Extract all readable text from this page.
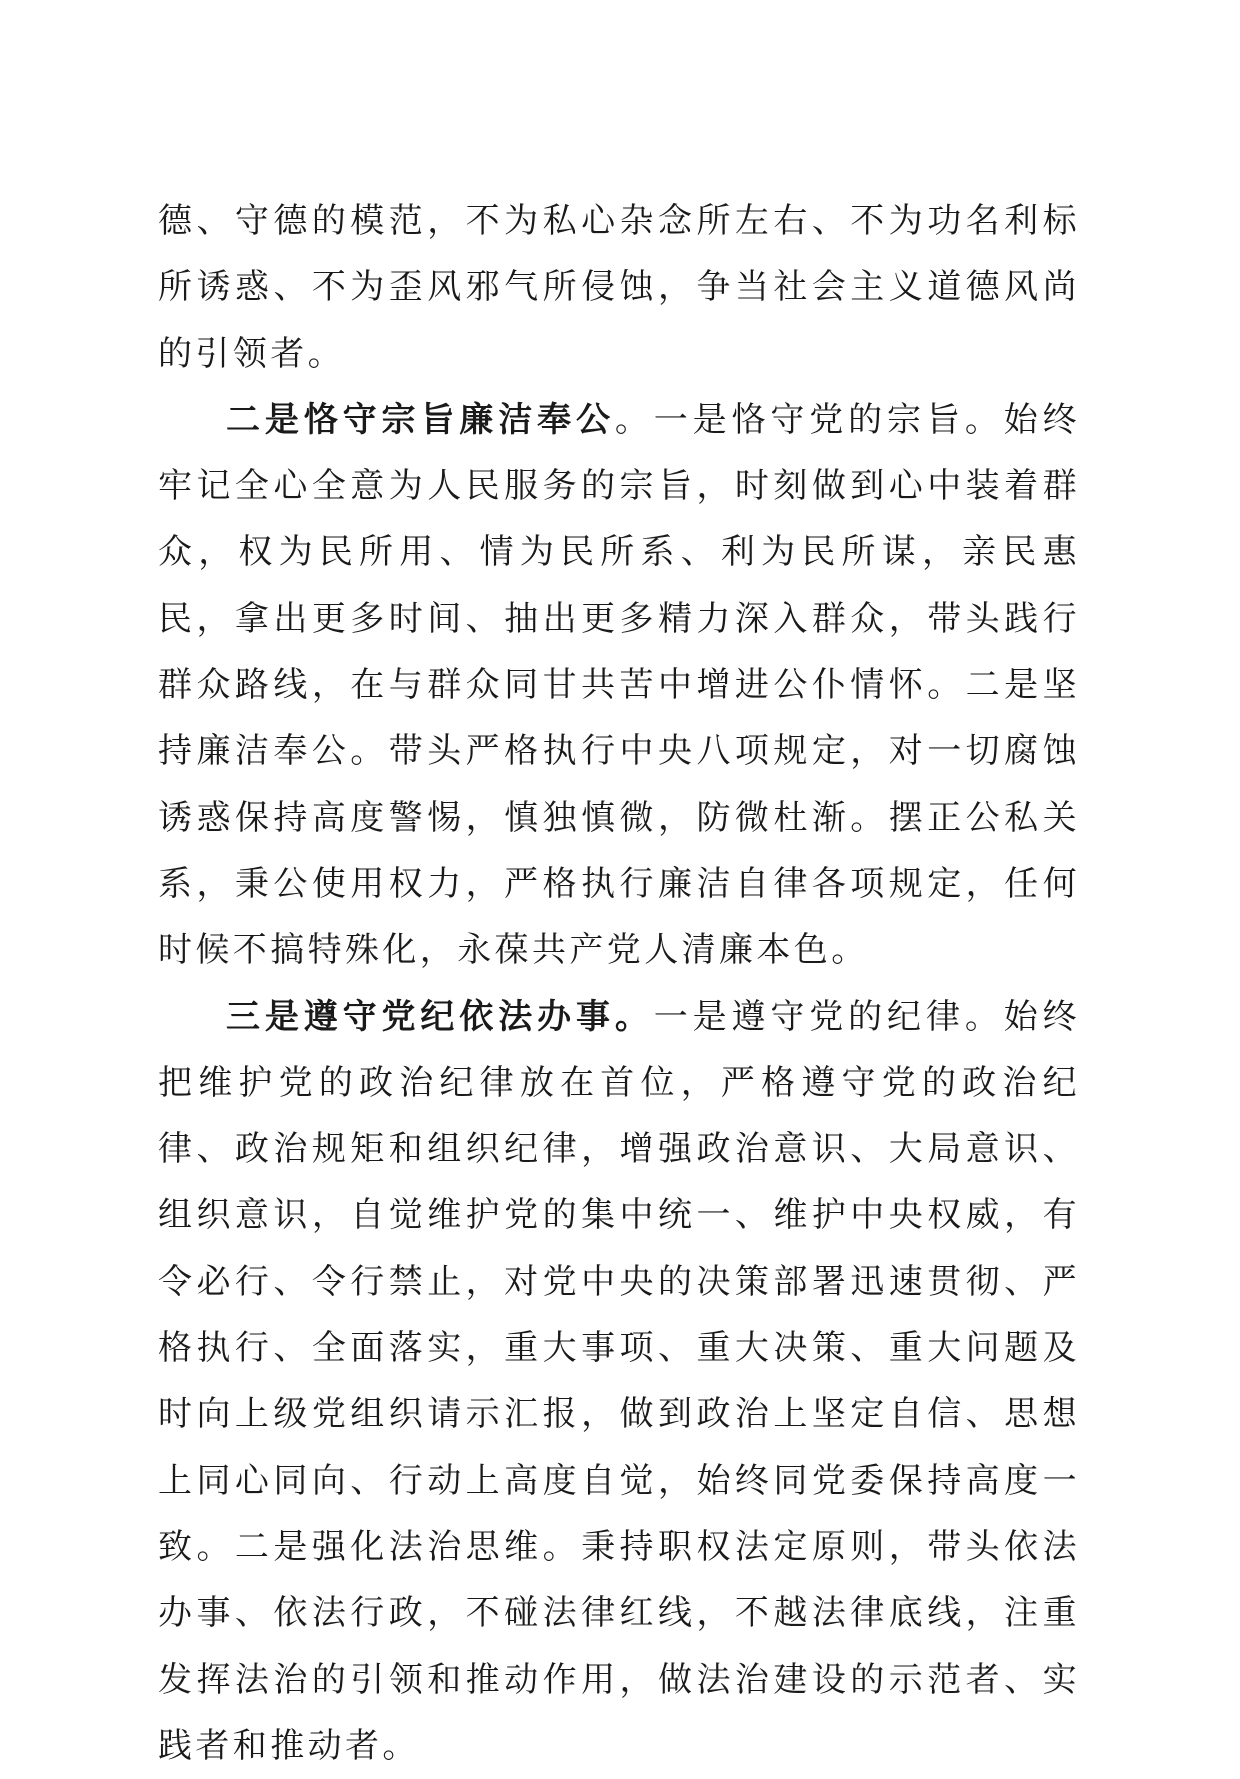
德、守德的模范，不为私心杂念所左右、不为功名利标所诱惑、不为歪风邪气所侵蚀，争当社会主义道德风尚的引领者。

二是恪守宗旨廉洁奉公。一是恪守党的宗旨。始终牢记全心全意为人民服务的宗旨，时刻做到心中装着群众，权为民所用、情为民所系、利为民所谋，亲民惠民，拿出更多时间、抽出更多精力深入群众，带头践行群众路线，在与群众同甘共苦中增进公仆情怀。二是坚持廉洁奉公。带头严格执行中央八项规定，对一切腐蚀诱惑保持高度警惕，慎独慎微，防微杜渐。摆正公私关系，秉公使用权力，严格执行廉洁自律各项规定，任何时候不搞特殊化，永葆共产党人清廉本色。

三是遵守党纪依法办事。一是遵守党的纪律。始终把维护党的政治纪律放在首位，严格遵守党的政治纪律、政治规矩和组织纪律，增强政治意识、大局意识、组织意识，自觉维护党的集中统一、维护中央权威，有令必行、令行禁止，对党中央的决策部署迅速贯彻、严格执行、全面落实，重大事项、重大决策、重大问题及时向上级党组织请示汇报，做到政治上坚定自信、思想上同心同向、行动上高度自觉，始终同党委保持高度一致。二是强化法治思维。秉持职权法定原则，带头依法办事、依法行政，不碰法律红线，不越法律底线，注重发挥法治的引领和推动作用，做法治建设的示范者、实践者和推动者。
